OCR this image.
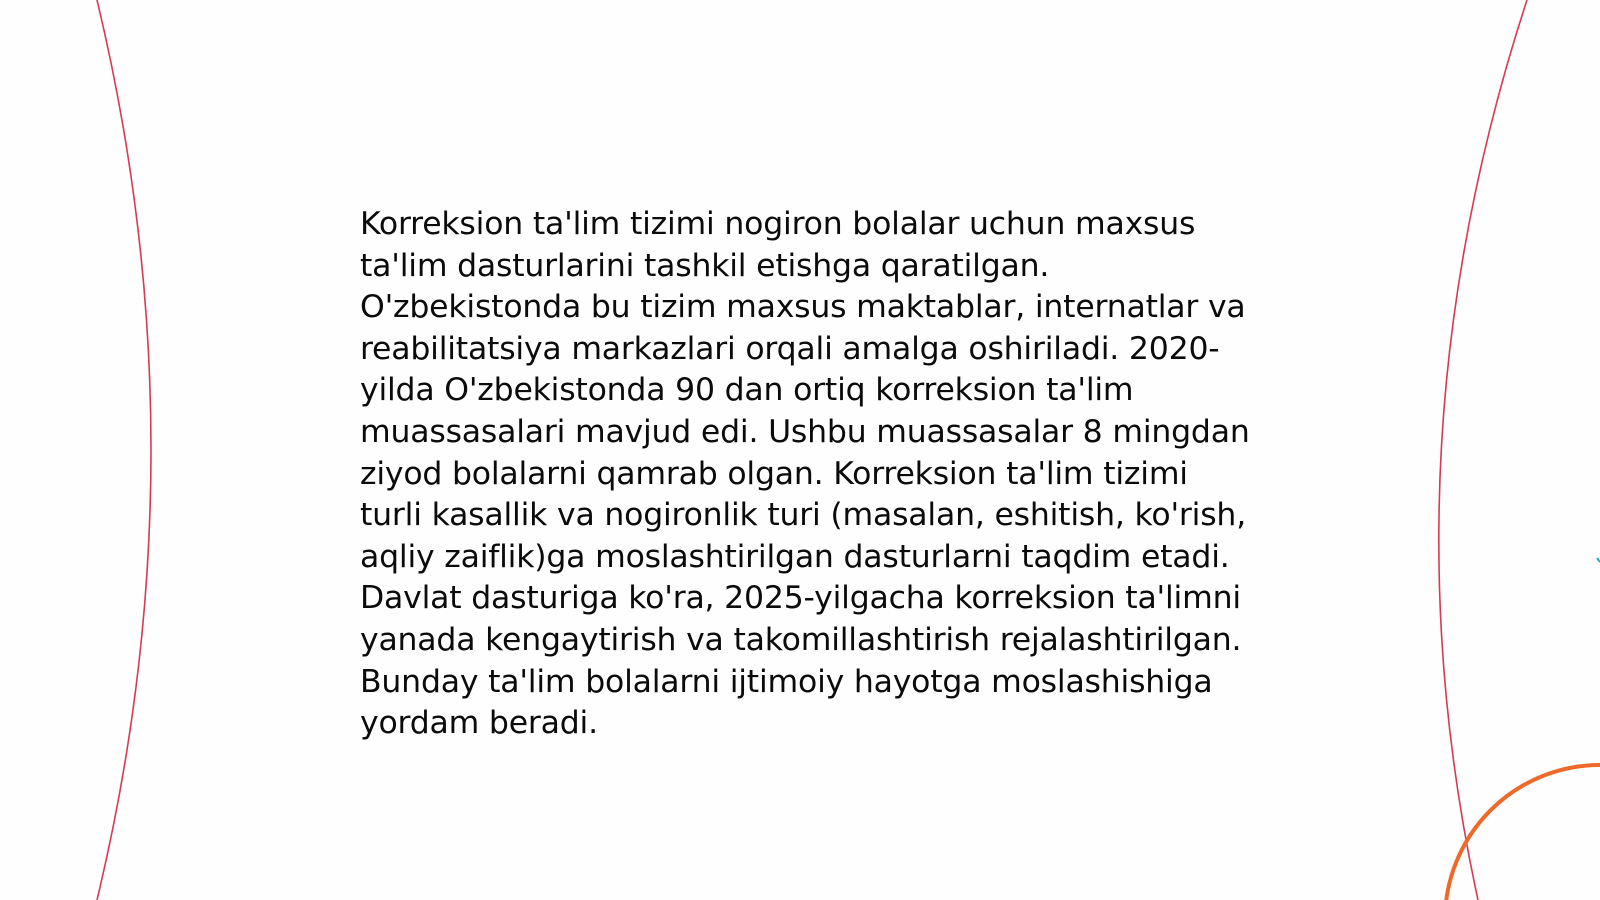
Korreksion ta'lim tizimi nogiron bolalar uchun maxsus ta'lim dasturlarini tashkil etishga qaratilgan. O'zbekistonda bu tizim maxsus maktablar, internatlar va reabilitatsiya markazlari orqali amalga oshiriladi. 2020-yilda O'zbekistonda 90 dan ortiq korreksion ta'lim muassasalari mavjud edi. Ushbu muassasalar 8 mingdan ziyod bolalarni qamrab olgan. Korreksion ta'lim tizimi turli kasallik va nogironlik turi (masalan, eshitish, ko'rish, aqliy zaiflik)ga moslashtirilgan dasturlarni taqdim etadi. Davlat dasturiga ko'ra, 2025-yilgacha korreksion ta'limni yanada kengaytirish va takomillashtirish rejalashtirilgan. Bunday ta'lim bolalarni ijtimoiy hayotga moslashishiga yordam beradi.
